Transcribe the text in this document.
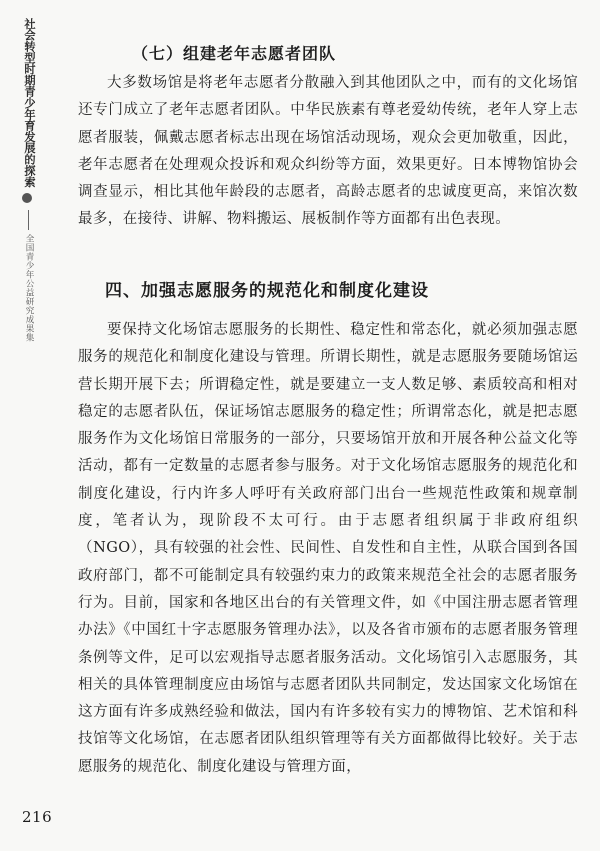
社会转型时期青少年育发展的探索
全国青少年公益研究成果集
（七）组建老年志愿者团队

大多数场馆是将老年志愿者分散融入到其他团队之中，而有的文化场馆还专门成立了老年志愿者团队。中华民族素有尊老爱幼传统，老年人穿上志愿者服装，佩戴志愿者标志出现在场馆活动现场，观众会更加敬重，因此，老年志愿者在处理观众投诉和观众纠纷等方面，效果更好。日本博物馆协会调查显示，相比其他年龄段的志愿者，高龄志愿者的忠诚度更高，来馆次数最多，在接待、讲解、物料搬运、展板制作等方面都有出色表现。

四、加强志愿服务的规范化和制度化建设

要保持文化场馆志愿服务的长期性、稳定性和常态化，就必须加强志愿服务的规范化和制度化建设与管理。所谓长期性，就是志愿服务要随场馆运营长期开展下去；所谓稳定性，就是要建立一支人数足够、素质较高和相对稳定的志愿者队伍，保证场馆志愿服务的稳定性；所谓常态化，就是把志愿服务作为文化场馆日常服务的一部分，只要场馆开放和开展各种公益文化等活动，都有一定数量的志愿者参与服务。对于文化场馆志愿服务的规范化和制度化建设，行内许多人呼吁有关政府部门出台一些规范性政策和规章制度，笔者认为，现阶段不太可行。由于志愿者组织属于非政府组织（NGO），具有较强的社会性、民间性、自发性和自主性，从联合国到各国政府部门，都不可能制定具有较强约束力的政策来规范全社会的志愿者服务行为。目前，国家和各地区出台的有关管理文件，如《中国注册志愿者管理办法》《中国红十字志愿服务管理办法》，以及各省市颁布的志愿者服务管理条例等文件，足可以宏观指导志愿者服务活动。文化场馆引入志愿服务，其相关的具体管理制度应由场馆与志愿者团队共同制定，发达国家文化场馆在这方面有许多成熟经验和做法，国内有许多较有实力的博物馆、艺术馆和科技馆等文化场馆，在志愿者团队组织管理等有关方面都做得比较好。关于志愿服务的规范化、制度化建设与管理方面，

216
